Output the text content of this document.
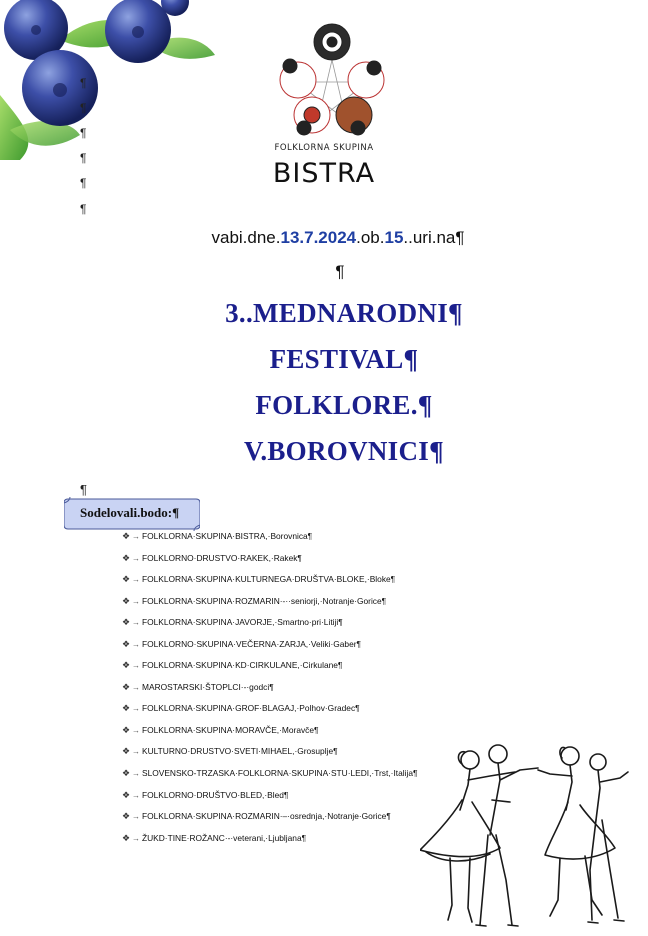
FOLKLORNA SKUPINA
BISTRA
¶
¶
¶
¶
¶
¶
vabi.dne.13.7.2024.ob.15..uri.na¶
¶
3..MEDNARODNI¶
FESTIVAL¶
FOLKLORE.¶
V.BOROVNICI¶
¶
Sodelovali.bodo:¶
❖ → FOLKLORNA·SKUPINA·BISTRA,·Borovnica¶
❖ → FOLKLORNO·DRUSTVO·RAKEK,·Rakek¶
❖ → FOLKLORNA·SKUPINA·KULTURNEGA·DRUŠTVA·BLOKE,·Bloke¶
❖ → FOLKLORNA·SKUPINA·ROZMARIN·-··seniorji,·Notranje·Gorice¶
❖ → FOLKLORNA·SKUPINA·JAVORJE,·Smartno·pri·Litiji¶
❖ → FOLKLORNO·SKUPINA·VEČERNA·ZARJA,·Veliki·Gaber¶
❖ → FOLKLORNA·SKUPINA·KD·CIRKULANE,·Cirkulane¶
❖ → MAROSTARSKI·ŠTOPLCI·-·godci¶
❖ → FOLKLORNA·SKUPINA·GROF·BLAGAJ,·Polhov·Gradec¶
❖ → FOLKLORNA·SKUPINA·MORAVČE,·Moravče¶
❖ → KULTURNO·DRUSTVO·SVETI·MIHAEL,·Grosuplje¶
❖ → SLOVENSKO-TRZASKA·FOLKLORNA·SKUPINA·STU·LEDI,·Trst,·Italija¶
❖ → FOLKLORNO·DRUŠTVO·BLED,·Bled¶
❖ → FOLKLORNA·SKUPINA·ROZMARIN·–·osrednja,·Notranje·Gorice¶
❖ → ŽUKD·TINE·ROŽANC·-·veterani,·Ljubljana¶
